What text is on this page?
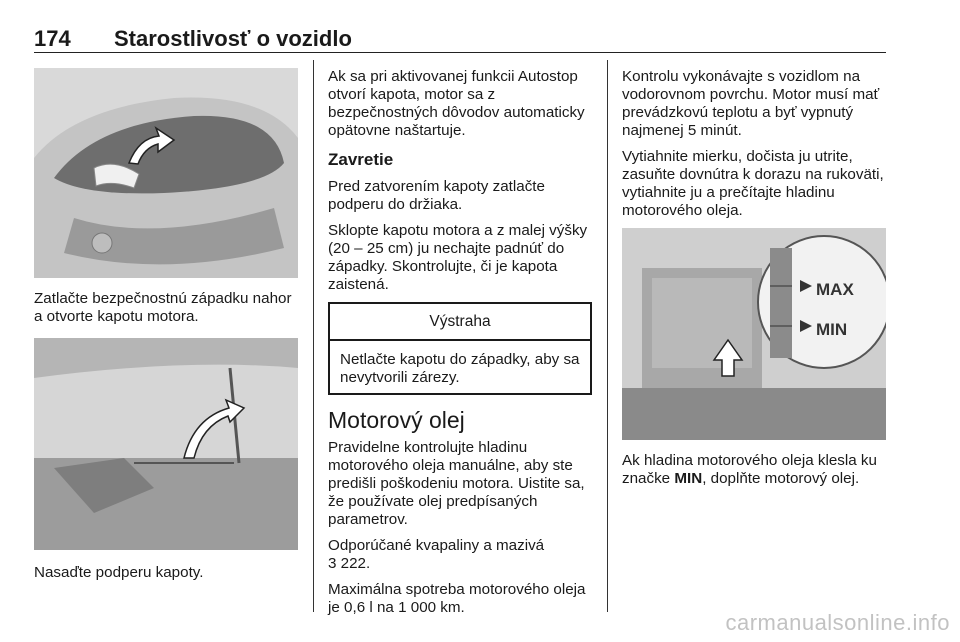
174	Starostlivosť o vozidlo

Zatlačte bezpečnostnú západku nahor a otvorte kapotu motora.

Nasaďte podperu kapoty.

Ak sa pri aktivovanej funkcii Autostop otvorí kapota, motor sa z bezpečnostných dôvodov automaticky opätovne naštartuje.

Zavretie

Pred zatvorením kapoty zatlačte podperu do držiaka.

Sklopte kapotu motora a z malej výšky (20 – 25 cm) ju nechajte padnúť do západky. Skontrolujte, či je kapota zaistená.

Výstraha

Netlačte kapotu do západky, aby sa nevytvorili zárezy.

Motorový olej

Pravidelne kontrolujte hladinu motorového oleja manuálne, aby ste predišli poškodeniu motora. Uistite sa, že používate olej predpísaných parametrov.

Odporúčané kvapaliny a mazivá
3 222.

Maximálna spotreba motorového oleja je 0,6 l na 1 000 km.

Kontrolu vykonávajte s vozidlom na vodorovnom povrchu. Motor musí mať prevádzkovú teplotu a byť vypnutý najmenej 5 minút.

Vytiahnite mierku, dočista ju utrite, zasuňte dovnútra k dorazu na rukoväti, vytiahnite ju a prečítajte hladinu motorového oleja.

MAX
MIN

Ak hladina motorového oleja klesla ku značke MIN, doplňte motorový olej.

carmanualsonline.info
